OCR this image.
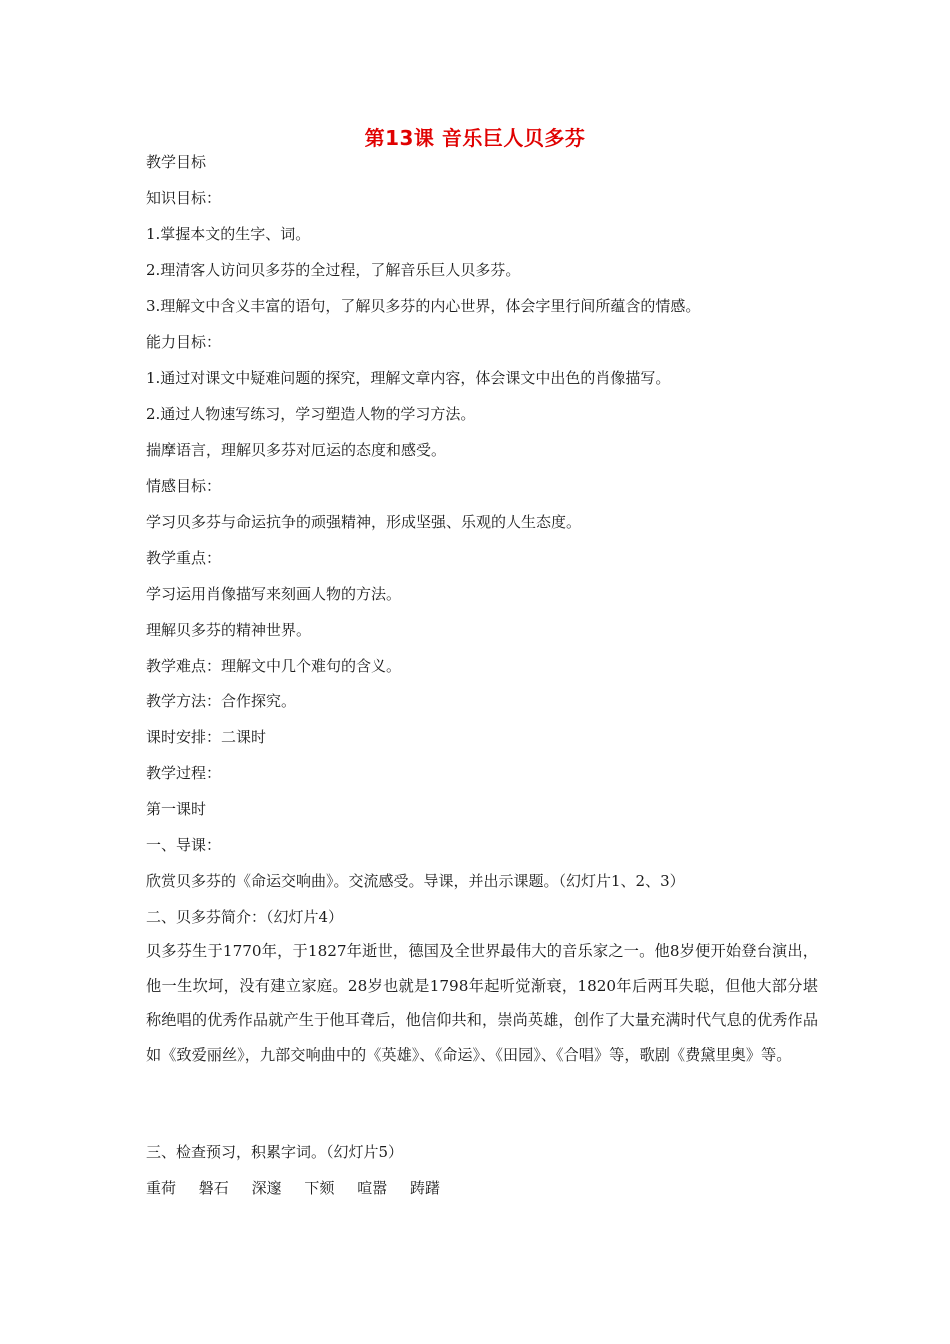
第13课 音乐巨人贝多芬
教学目标
知识目标：
1.掌握本文的生字、词。
2.理清客人访问贝多芬的全过程，了解音乐巨人贝多芬。
3.理解文中含义丰富的语句，了解贝多芬的内心世界，体会字里行间所蕴含的情感。
能力目标：
1.通过对课文中疑难问题的探究，理解文章内容，体会课文中出色的肖像描写。
2.通过人物速写练习，学习塑造人物的学习方法。
揣摩语言，理解贝多芬对厄运的态度和感受。
情感目标：
学习贝多芬与命运抗争的顽强精神，形成坚强、乐观的人生态度。
教学重点：
学习运用肖像描写来刻画人物的方法。
理解贝多芬的精神世界。
教学难点：理解文中几个难句的含义。
教学方法：合作探究。
课时安排：二课时
教学过程：
第一课时
一、导课：
欣赏贝多芬的《命运交响曲》。交流感受。导课，并出示课题。（幻灯片1、2、3）
二、贝多芬简介：（幻灯片4）
贝多芬生于1770年，于1827年逝世，德国及全世界最伟大的音乐家之一。他8岁便开始登台演出，他一生坎坷，没有建立家庭。28岁也就是1798年起听觉渐衰，1820年后两耳失聪，但他大部分堪称绝唱的优秀作品就产生于他耳聋后，他信仰共和，崇尚英雄，创作了大量充满时代气息的优秀作品如《致爱丽丝》，九部交响曲中的《英雄》、《命运》、《田园》、《合唱》等，歌剧《费黛里奥》等。
三、检查预习，积累字词。（幻灯片5）
重荷 磐石 深邃 下颏 喧嚣 踌躇
